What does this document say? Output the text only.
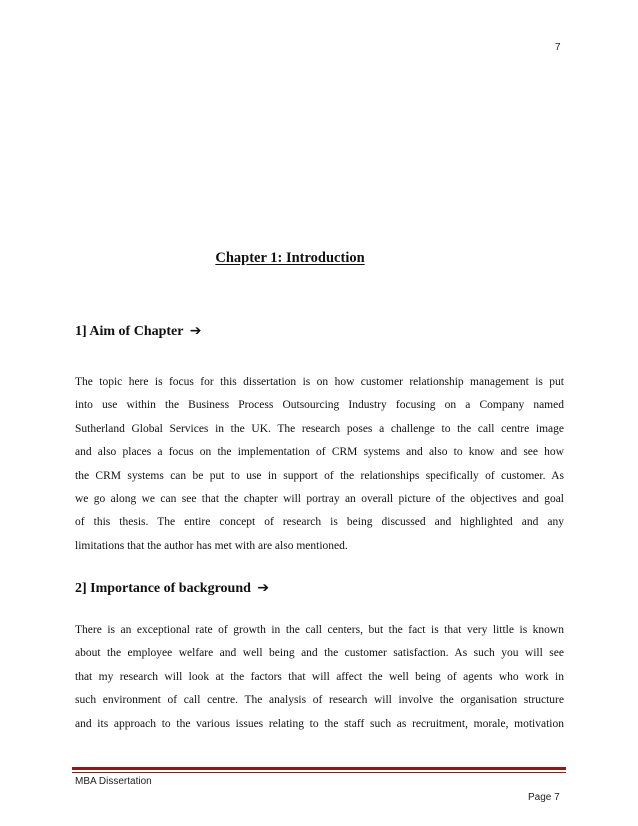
7
Chapter 1: Introduction
1] Aim of Chapter ➔
The topic here is focus for this dissertation is on how customer relationship management is put
into use within the Business Process Outsourcing Industry focusing on a Company named
Sutherland Global Services in the UK. The research poses a challenge to the call centre image
and also places a focus on the implementation of CRM systems and also to know and see how
the CRM systems can be put to use in support of the relationships specifically of customer. As
we go along we can see that the chapter will portray an overall picture of the objectives and goal
of this thesis. The entire concept of research is being discussed and highlighted and any
limitations that the author has met with are also mentioned.
2] Importance of background ➔
There is an exceptional rate of growth in the call centers, but the fact is that very little is known
about the employee welfare and well being and the customer satisfaction. As such you will see
that my research will look at the factors that will affect the well being of agents who work in
such environment of call centre. The analysis of research will involve the organisation structure
and its approach to the various issues relating to the staff such as recruitment, morale, motivation
MBA Dissertation
Page 7
